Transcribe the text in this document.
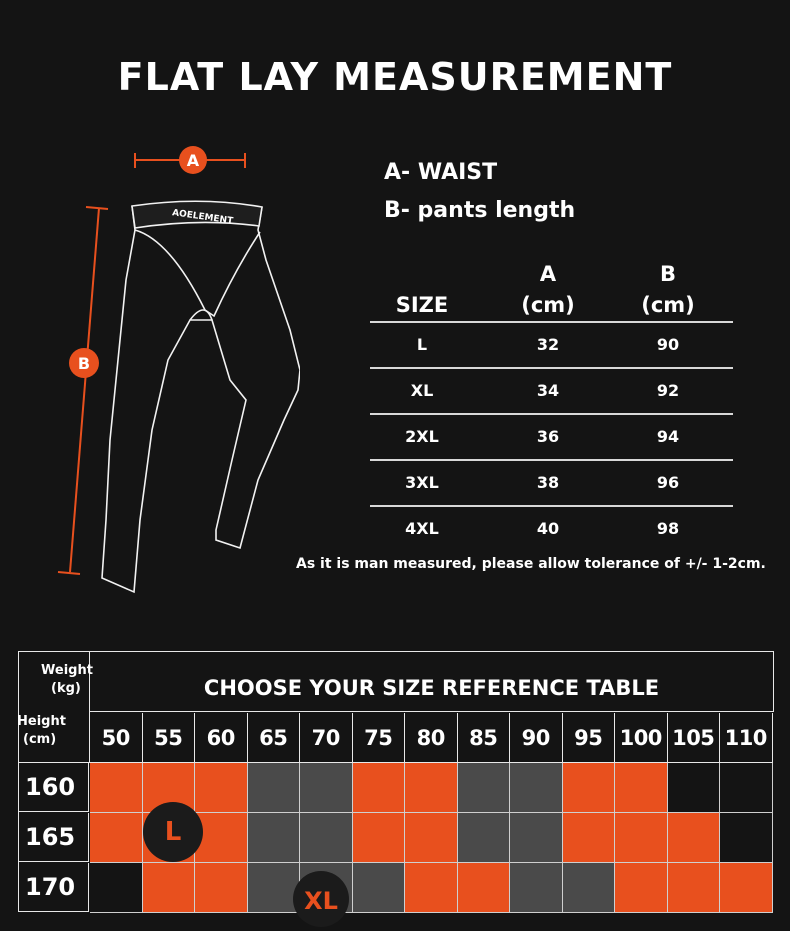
FLAT LAY MEASUREMENT
A
B
AOELEMENT
A- WAIST
B- pants length
SIZE
A
(cm)
B
(cm)
L	32	90
XL	34	92
2XL	36	94
3XL	38	96
4XL	40	98
As it is man measured, please allow tolerance of +/- 1-2cm.
Weight
(kg)
Height
(cm)
CHOOSE YOUR SIZE REFERENCE TABLE
50	55	60	65	70	75	80	85	90	95 100 105 110
160
165
170
L
XL
